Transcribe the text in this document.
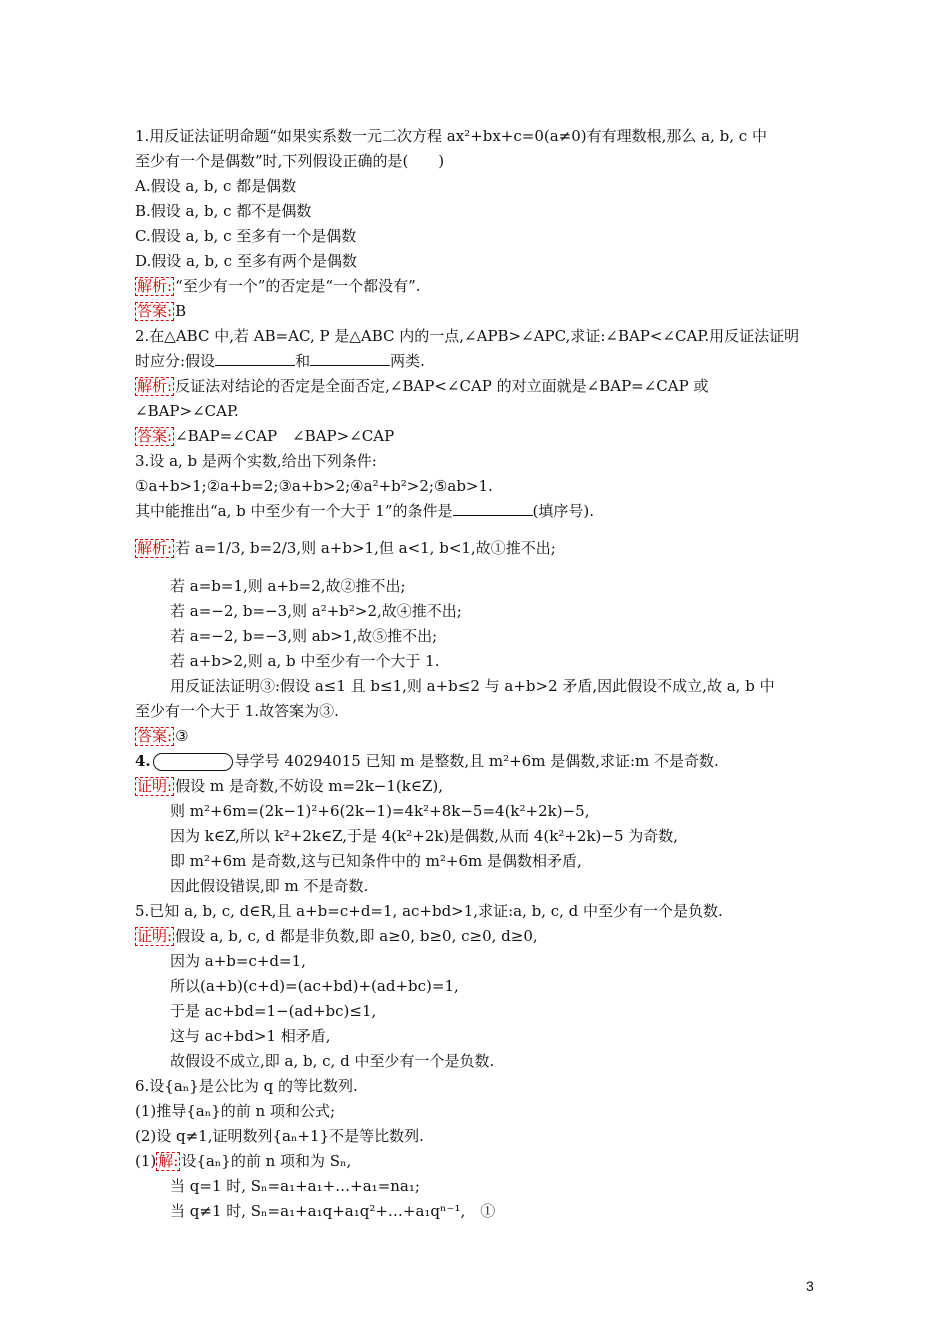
1.用反证法证明命题“如果实系数一元二次方程 ax²+bx+c=0(a≠0)有有理数根,那么 a, b, c 中
至少有一个是偶数”时,下列假设正确的是(　　)
A.假设 a, b, c 都是偶数
B.假设 a, b, c 都不是偶数
C.假设 a, b, c 至多有一个是偶数
D.假设 a, b, c 至多有两个是偶数
解析: “至少有一个”的否定是“一个都没有”.
答案: B
2.在△ABC 中,若 AB=AC, P 是△ABC 内的一点,∠APB>∠APC,求证:∠BAP<∠CAP.用反证法证明
时应分:假设	和	两类.
解析: 反证法对结论的否定是全面否定,∠BAP<∠CAP 的对立面就是∠BAP=∠CAP 或
∠BAP>∠CAP.
答案: ∠BAP=∠CAP　∠BAP>∠CAP
3.设 a, b 是两个实数,给出下列条件:
①a+b>1;②a+b=2;③a+b>2;④a²+b²>2;⑤ab>1.
其中能推出“a, b 中至少有一个大于 1”的条件是	(填序号).
解析: 若 a=1/3, b=2/3,则 a+b>1,但 a<1, b<1,故①推不出;
若 a=b=1,则 a+b=2,故②推不出;
若 a=−2, b=−3,则 a²+b²>2,故④推不出;
若 a=−2, b=−3,则 ab>1,故⑤推不出;
若 a+b>2,则 a, b 中至少有一个大于 1.
用反证法证明③:假设 a≤1 且 b≤1,则 a+b≤2 与 a+b>2 矛盾,因此假设不成立,故 a, b 中
至少有一个大于 1.故答案为③.
答案: ③
4.	导学号 40294015 已知 m 是整数,且 m²+6m 是偶数,求证:m 不是奇数.
证明: 假设 m 是奇数,不妨设 m=2k−1(k∈Z),
则 m²+6m=(2k−1)²+6(2k−1)=4k²+8k−5=4(k²+2k)−5,
因为 k∈Z,所以 k²+2k∈Z,于是 4(k²+2k)是偶数,从而 4(k²+2k)−5 为奇数,
即 m²+6m 是奇数,这与已知条件中的 m²+6m 是偶数相矛盾,
因此假设错误,即 m 不是奇数.
5.已知 a, b, c, d∈R,且 a+b=c+d=1, ac+bd>1,求证:a, b, c, d 中至少有一个是负数.
证明: 假设 a, b, c, d 都是非负数,即 a≥0, b≥0, c≥0, d≥0,
因为 a+b=c+d=1,
所以(a+b)(c+d)=(ac+bd)+(ad+bc)=1,
于是 ac+bd=1−(ad+bc)≤1,
这与 ac+bd>1 相矛盾,
故假设不成立,即 a, b, c, d 中至少有一个是负数.
6.设{aₙ}是公比为 q 的等比数列.
(1)推导{aₙ}的前 n 项和公式;
(2)设 q≠1,证明数列{aₙ+1}不是等比数列.
(1) 解: 设{aₙ}的前 n 项和为 Sₙ,
当 q=1 时, Sₙ=a₁+a₁+…+a₁=na₁;
当 q≠1 时, Sₙ=a₁+a₁q+a₁q²+…+a₁qⁿ⁻¹,　①
3
